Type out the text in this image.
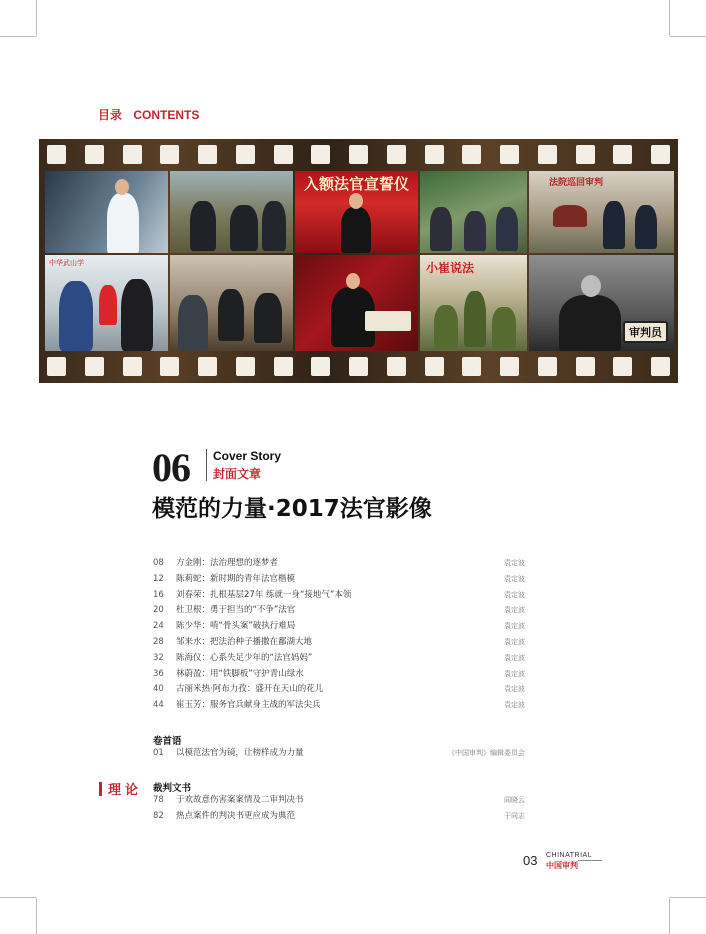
目录 CONTENTS
入额法官宣誓仪	法院巡回审判
中华武山学	小崔说法
审判员
06 Cover Story
封面文章
模范的力量·2017法官影像
08	方金刚：法治理想的逐梦者	袁定波
12	陈莉蛇：新时期的青年法官楷模	袁定波
16	刘春荣：扎根基层27年 练就一身“接地气”本领	袁定波
20	杜卫根：勇于担当的“不争”法官	袁定波
24	陈少华：啃“骨头案”破执行难局	袁定波
28	邹来水：把法治种子播撒在鄱湖大地	袁定波
32	陈海仪：心系失足少年的“法官妈妈”	袁定波
36	林蔚盈：用“铁脚板”守护青山绿水	袁定波
40	古丽米热·阿布力孜：盛开在天山的花儿	袁定波
44	崔玉芳：服务官兵献身主战的军法尖兵	袁定波
卷首语
01	以模范法官为镜，让榜样成为力量	《中国审判》编辑委员会
理论 裁判文书
78	于欢故意伤害案案情及二审判决书	阎晓云
82	热点案件的判决书更应成为典范	于同志
03 CHINATRIAL
中国审判
